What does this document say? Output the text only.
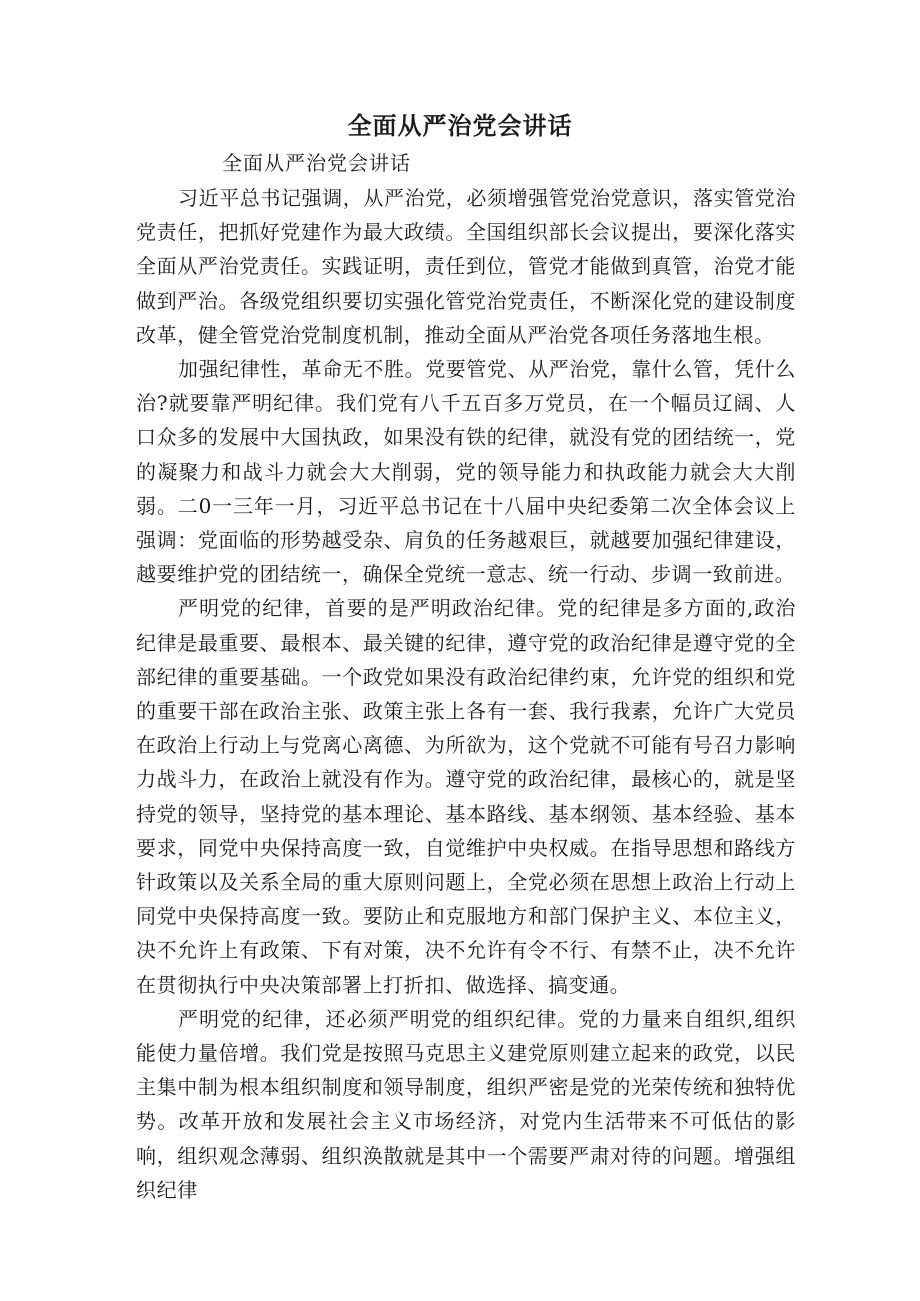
全面从严治党会讲话
全面从严治党会讲话

习近平总书记强调，从严治党，必须增强管党治党意识，落实管党治党责任，把抓好党建作为最大政绩。全国组织部长会议提出，要深化落实全面从严治党责任。实践证明，责任到位，管党才能做到真管，治党才能做到严治。各级党组织要切实强化管党治党责任，不断深化党的建设制度改革，健全管党治党制度机制，推动全面从严治党各项任务落地生根。

加强纪律性，革命无不胜。党要管党、从严治党，靠什么管，凭什么治?就要靠严明纪律。我们党有八千五百多万党员，在一个幅员辽阔、人口众多的发展中大国执政，如果没有铁的纪律，就没有党的团结统一，党的凝聚力和战斗力就会大大削弱，党的领导能力和执政能力就会大大削弱。二0一三年一月，习近平总书记在十八届中央纪委第二次全体会议上强调：党面临的形势越受杂、肩负的任务越艰巨，就越要加强纪律建设，越要维护党的团结统一，确保全党统一意志、统一行动、步调一致前进。

严明党的纪律，首要的是严明政治纪律。党的纪律是多方面的,政治纪律是最重要、最根本、最关键的纪律，遵守党的政治纪律是遵守党的全部纪律的重要基础。一个政党如果没有政治纪律约束，允许党的组织和党的重要干部在政治主张、政策主张上各有一套、我行我素，允许广大党员在政治上行动上与党离心离德、为所欲为，这个党就不可能有号召力影响力战斗力，在政治上就没有作为。遵守党的政治纪律，最核心的，就是坚持党的领导，坚持党的基本理论、基本路线、基本纲领、基本经验、基本要求，同党中央保持高度一致，自觉维护中央权威。在指导思想和路线方针政策以及关系全局的重大原则问题上，全党必须在思想上政治上行动上同党中央保持高度一致。要防止和克服地方和部门保护主义、本位主义，决不允许上有政策、下有对策，决不允许有令不行、有禁不止，决不允许在贯彻执行中央决策部署上打折扣、做选择、搞变通。

严明党的纪律，还必须严明党的组织纪律。党的力量来自组织,组织能使力量倍增。我们党是按照马克思主义建党原则建立起来的政党，以民主集中制为根本组织制度和领导制度，组织严密是党的光荣传统和独特优势。改革开放和发展社会主义市场经济，对党内生活带来不可低估的影响，组织观念薄弱、组织涣散就是其中一个需要严肃对待的问题。增强组织纪律
